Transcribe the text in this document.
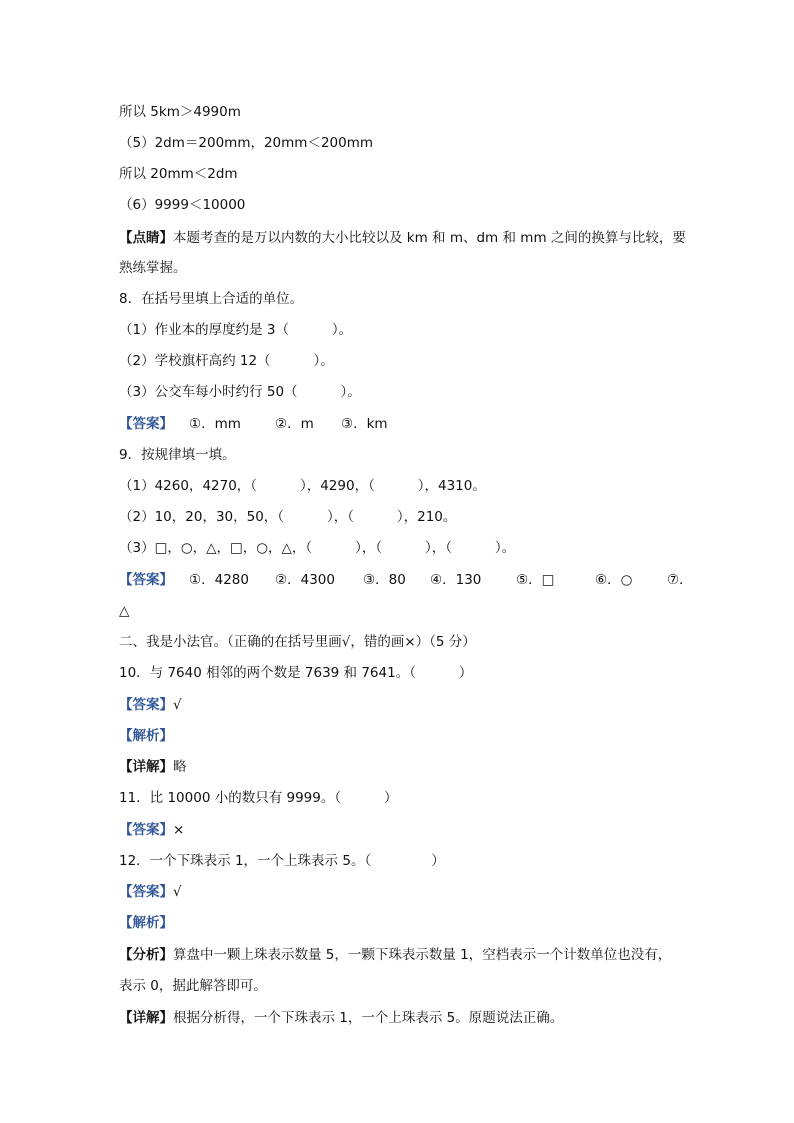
所以 5km＞4990m
（5）2dm＝200mm，20mm＜200mm
所以 20mm＜2dm
（6）9999＜10000
【点睛】本题考查的是万以内数的大小比较以及 km 和 m、dm 和 mm 之间的换算与比较，要
熟练掌握。
8．在括号里填上合适的单位。
（1）作业本的厚度约是 3（          ）。
（2）学校旗杆高约 12（          ）。
（3）公交车每小时约行 50（          ）。

【答案】

①．mm

	②．m

③．km

9．按规律填一填。
（1）4260，4270，（          ），4290，（          ），4310。
（2）10，20，30，50，（          ），（          ），210。
（3）□，○，△，□，○，△，（          ），（          ），（          ）。

【答案】

①．4280

②．4300

③．80

④．130

	⑤．□

	⑥．○

	⑦．

△
二、我是小法官。（正确的在括号里画√，错的画×）（5 分）
10．与 7640 相邻的两个数是 7639 和 7641。（          ）
【答案】√
【解析】
【详解】略
11．比 10000 小的数只有 9999。（          ）
【答案】×
12．一个下珠表示 1，一个上珠表示 5。（              ）
【答案】√
【解析】
【分析】算盘中一颗上珠表示数量 5，一颗下珠表示数量 1，空档表示一个计数单位也没有，
表示 0，据此解答即可。
【详解】根据分析得，一个下珠表示 1，一个上珠表示 5。原题说法正确。
